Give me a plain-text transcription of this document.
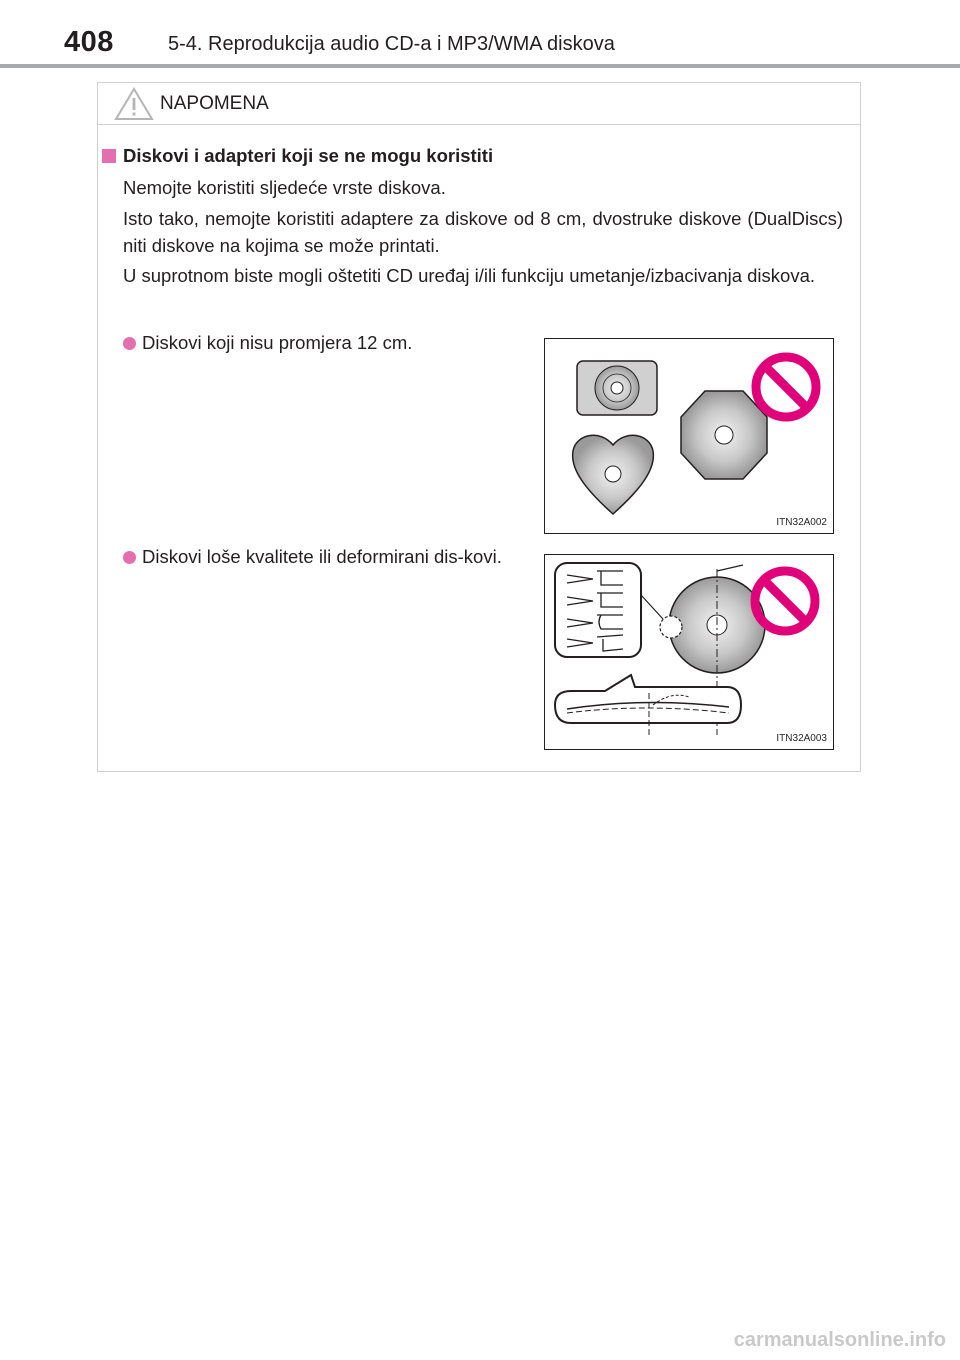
408	5-4. Reprodukcija audio CD-a i MP3/WMA diskova
NAPOMENA
Diskovi i adapteri koji se ne mogu koristiti
Nemojte koristiti sljedeće vrste diskova.
Isto tako, nemojte koristiti adaptere za diskove od 8 cm, dvostruke diskove (DualDiscs) niti diskove na kojima se može printati.
U suprotnom biste mogli oštetiti CD uređaj i/ili funkciju umetanje/izbacivanja diskova.
Diskovi koji nisu promjera 12 cm.
ITN32A002
Diskovi loše kvalitete ili deformirani dis-kovi.
ITN32A003
carmanualsonline.info
